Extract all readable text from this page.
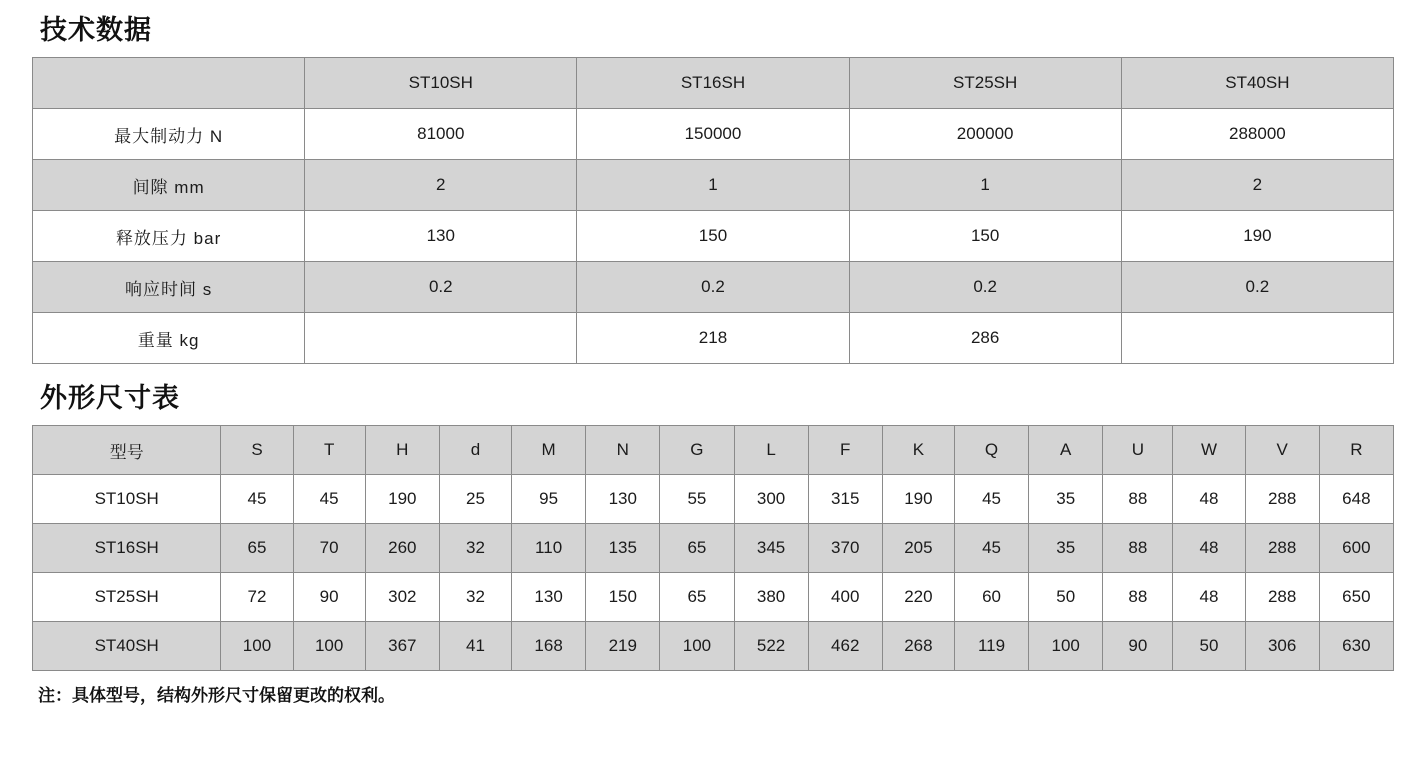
技术数据
	ST10SH	ST16SH	ST25SH	ST40SH
最大制动力 N	81000	150000	200000	288000
间隙 mm	2	1	1	2
释放压力 bar	130	150	150	190
响应时间 s	0.2	0.2	0.2	0.2
重量 kg		218	286	
外形尺寸表
型号	S	T	H	d	M	N	G	L	F	K	Q	A	U	W	V	R
ST10SH	45	45	190	25	95	130	55	300	315	190	45	35	88	48	288	648
ST16SH	65	70	260	32	110	135	65	345	370	205	45	35	88	48	288	600
ST25SH	72	90	302	32	130	150	65	380	400	220	60	50	88	48	288	650
ST40SH	100	100	367	41	168	219	100	522	462	268	119	100	90	50	306	630
注：具体型号，结构外形尺寸保留更改的权利。
